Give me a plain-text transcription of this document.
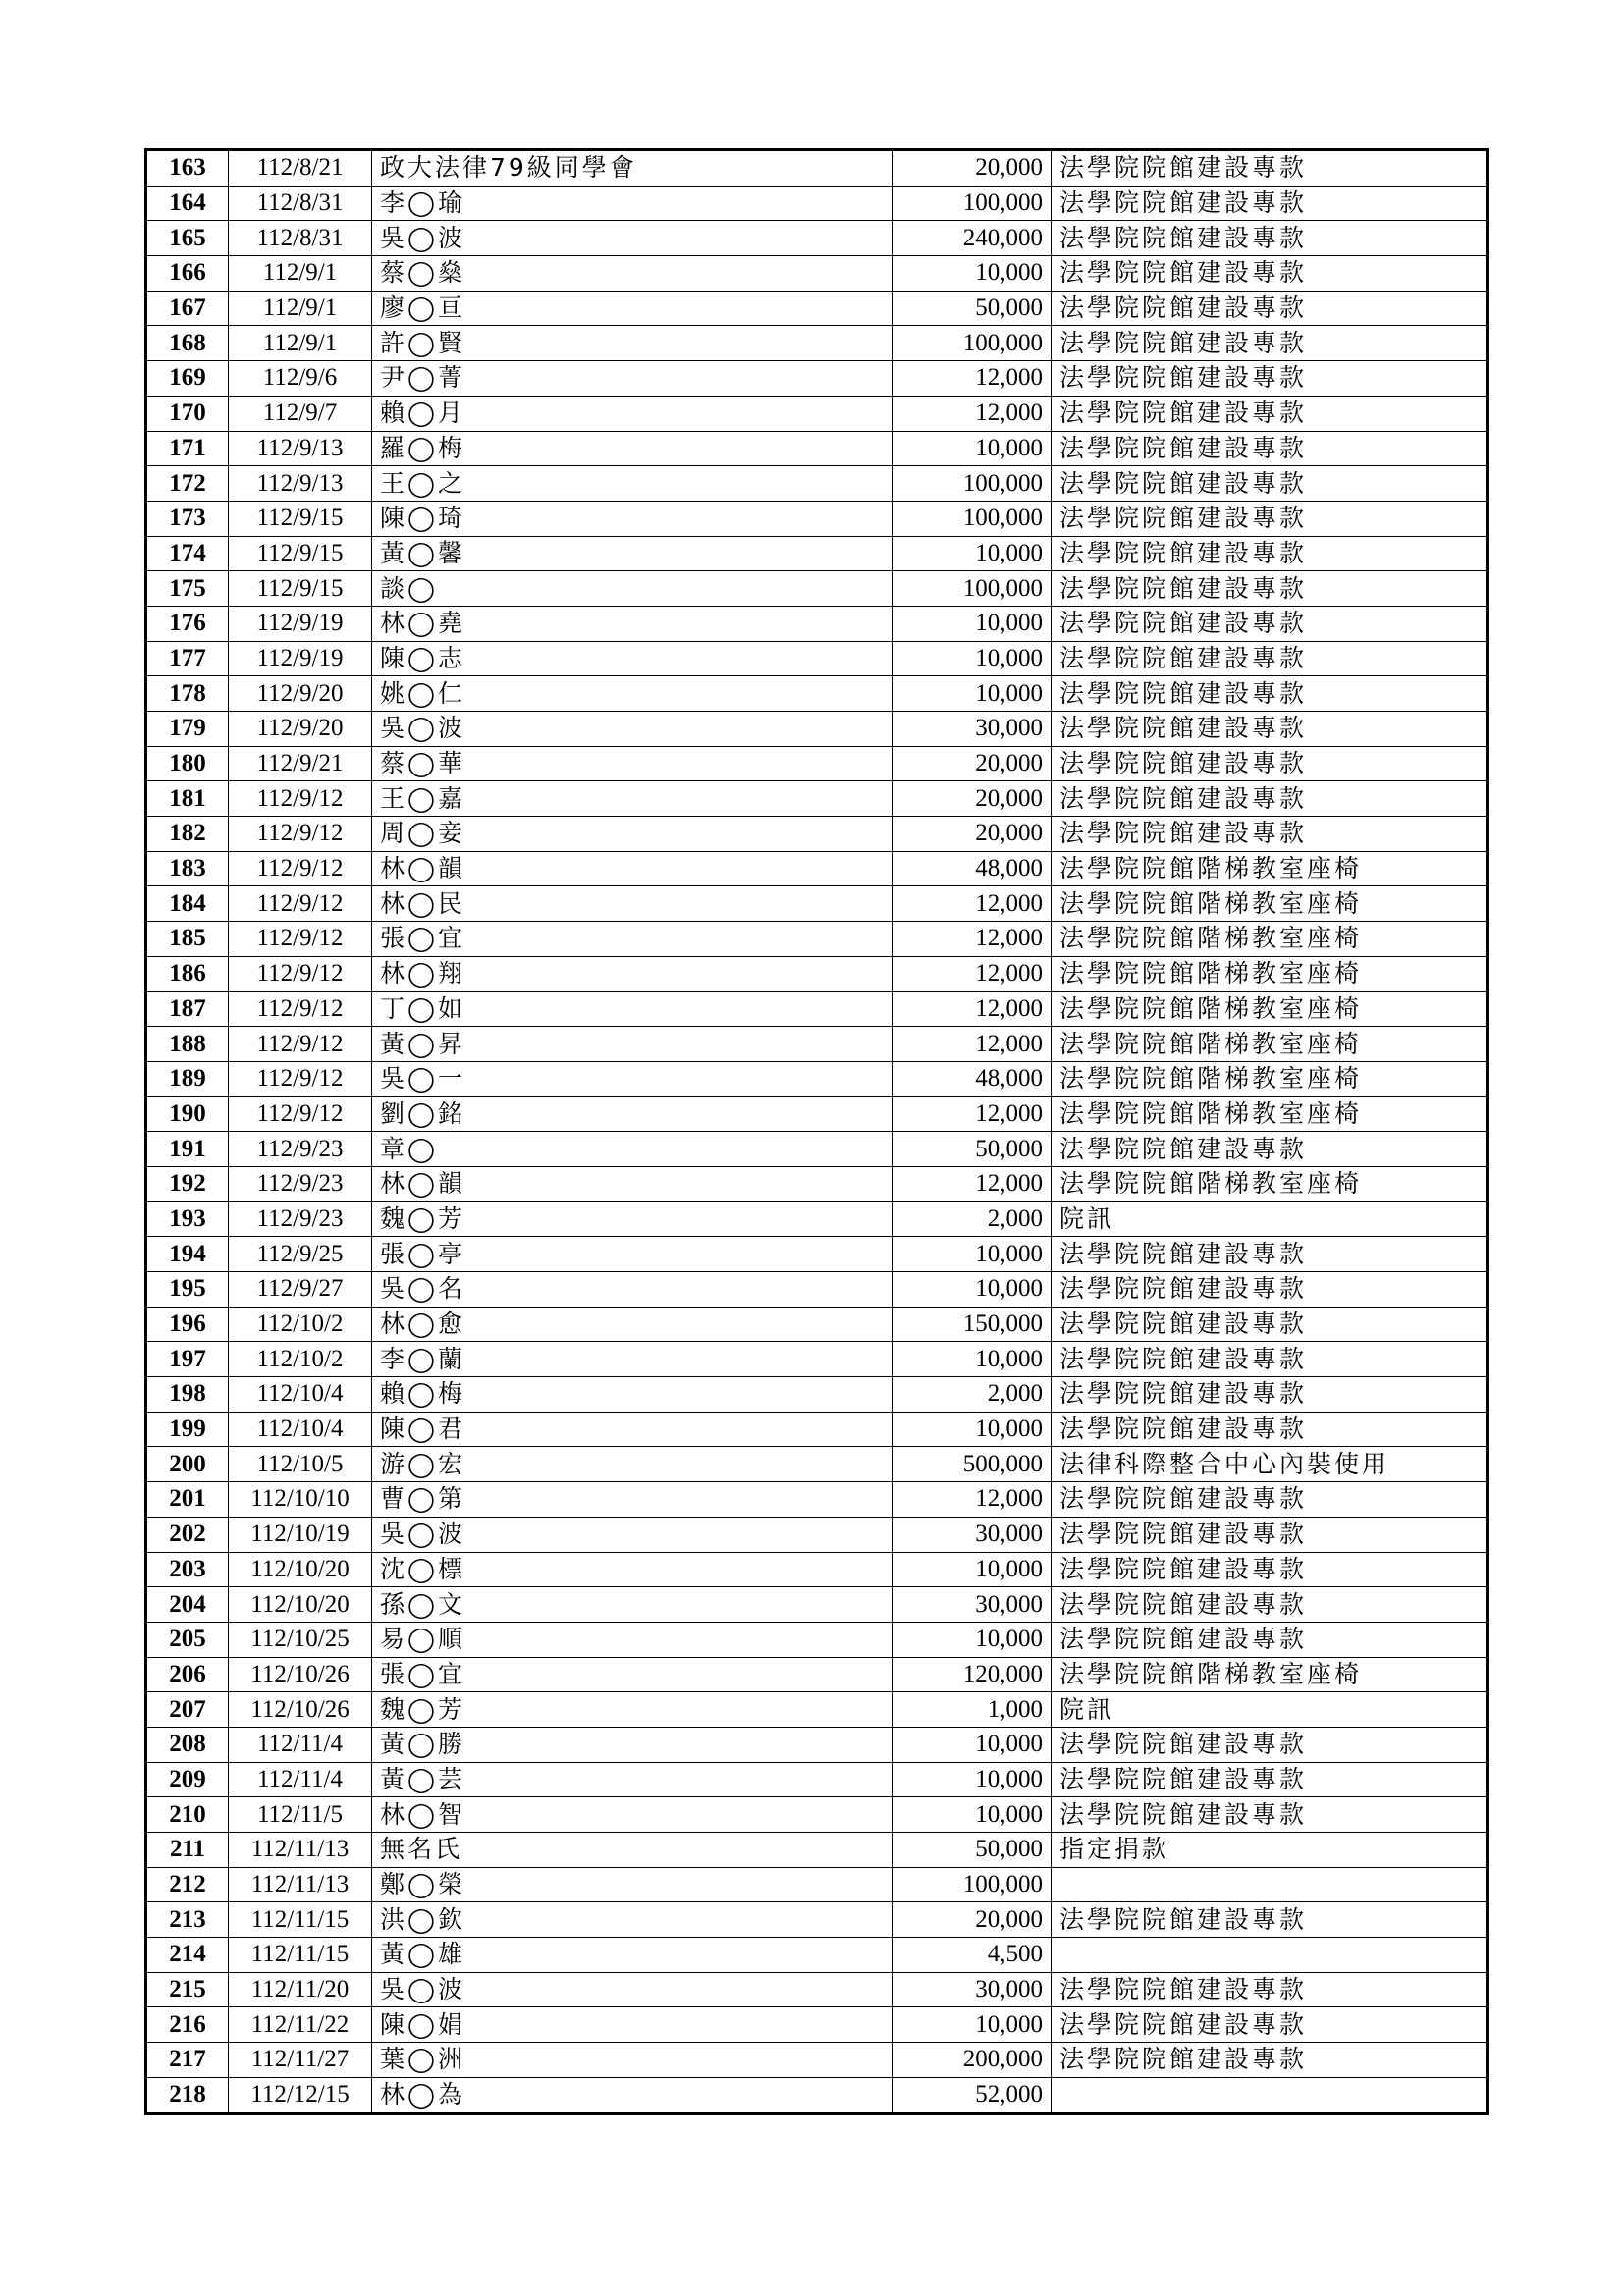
163	112/8/21	政大法律79級同學會	20,000	法學院院館建設專款
164	112/8/31	李◯瑜	100,000	法學院院館建設專款
165	112/8/31	吳◯波	240,000	法學院院館建設專款
166	112/9/1	蔡◯燊	10,000	法學院院館建設專款
167	112/9/1	廖◯亘	50,000	法學院院館建設專款
168	112/9/1	許◯賢	100,000	法學院院館建設專款
169	112/9/6	尹◯菁	12,000	法學院院館建設專款
170	112/9/7	賴◯月	12,000	法學院院館建設專款
171	112/9/13	羅◯梅	10,000	法學院院館建設專款
172	112/9/13	王◯之	100,000	法學院院館建設專款
173	112/9/15	陳◯琦	100,000	法學院院館建設專款
174	112/9/15	黃◯馨	10,000	法學院院館建設專款
175	112/9/15	談◯	100,000	法學院院館建設專款
176	112/9/19	林◯堯	10,000	法學院院館建設專款
177	112/9/19	陳◯志	10,000	法學院院館建設專款
178	112/9/20	姚◯仁	10,000	法學院院館建設專款
179	112/9/20	吳◯波	30,000	法學院院館建設專款
180	112/9/21	蔡◯華	20,000	法學院院館建設專款
181	112/9/12	王◯嘉	20,000	法學院院館建設專款
182	112/9/12	周◯妾	20,000	法學院院館建設專款
183	112/9/12	林◯韻	48,000	法學院院館階梯教室座椅
184	112/9/12	林◯民	12,000	法學院院館階梯教室座椅
185	112/9/12	張◯宜	12,000	法學院院館階梯教室座椅
186	112/9/12	林◯翔	12,000	法學院院館階梯教室座椅
187	112/9/12	丁◯如	12,000	法學院院館階梯教室座椅
188	112/9/12	黃◯昇	12,000	法學院院館階梯教室座椅
189	112/9/12	吳◯一	48,000	法學院院館階梯教室座椅
190	112/9/12	劉◯銘	12,000	法學院院館階梯教室座椅
191	112/9/23	章◯	50,000	法學院院館建設專款
192	112/9/23	林◯韻	12,000	法學院院館階梯教室座椅
193	112/9/23	魏◯芳	2,000	院訊
194	112/9/25	張◯亭	10,000	法學院院館建設專款
195	112/9/27	吳◯名	10,000	法學院院館建設專款
196	112/10/2	林◯愈	150,000	法學院院館建設專款
197	112/10/2	李◯蘭	10,000	法學院院館建設專款
198	112/10/4	賴◯梅	2,000	法學院院館建設專款
199	112/10/4	陳◯君	10,000	法學院院館建設專款
200	112/10/5	游◯宏	500,000	法律科際整合中心內裝使用
201	112/10/10	曹◯第	12,000	法學院院館建設專款
202	112/10/19	吳◯波	30,000	法學院院館建設專款
203	112/10/20	沈◯標	10,000	法學院院館建設專款
204	112/10/20	孫◯文	30,000	法學院院館建設專款
205	112/10/25	易◯順	10,000	法學院院館建設專款
206	112/10/26	張◯宜	120,000	法學院院館階梯教室座椅
207	112/10/26	魏◯芳	1,000	院訊
208	112/11/4	黃◯勝	10,000	法學院院館建設專款
209	112/11/4	黃◯芸	10,000	法學院院館建設專款
210	112/11/5	林◯智	10,000	法學院院館建設專款
211	112/11/13	無名氏	50,000	指定捐款
212	112/11/13	鄭◯榮	100,000	
213	112/11/15	洪◯欽	20,000	法學院院館建設專款
214	112/11/15	黃◯雄	4,500	
215	112/11/20	吳◯波	30,000	法學院院館建設專款
216	112/11/22	陳◯娟	10,000	法學院院館建設專款
217	112/11/27	葉◯洲	200,000	法學院院館建設專款
218	112/12/15	林◯為	52,000	
